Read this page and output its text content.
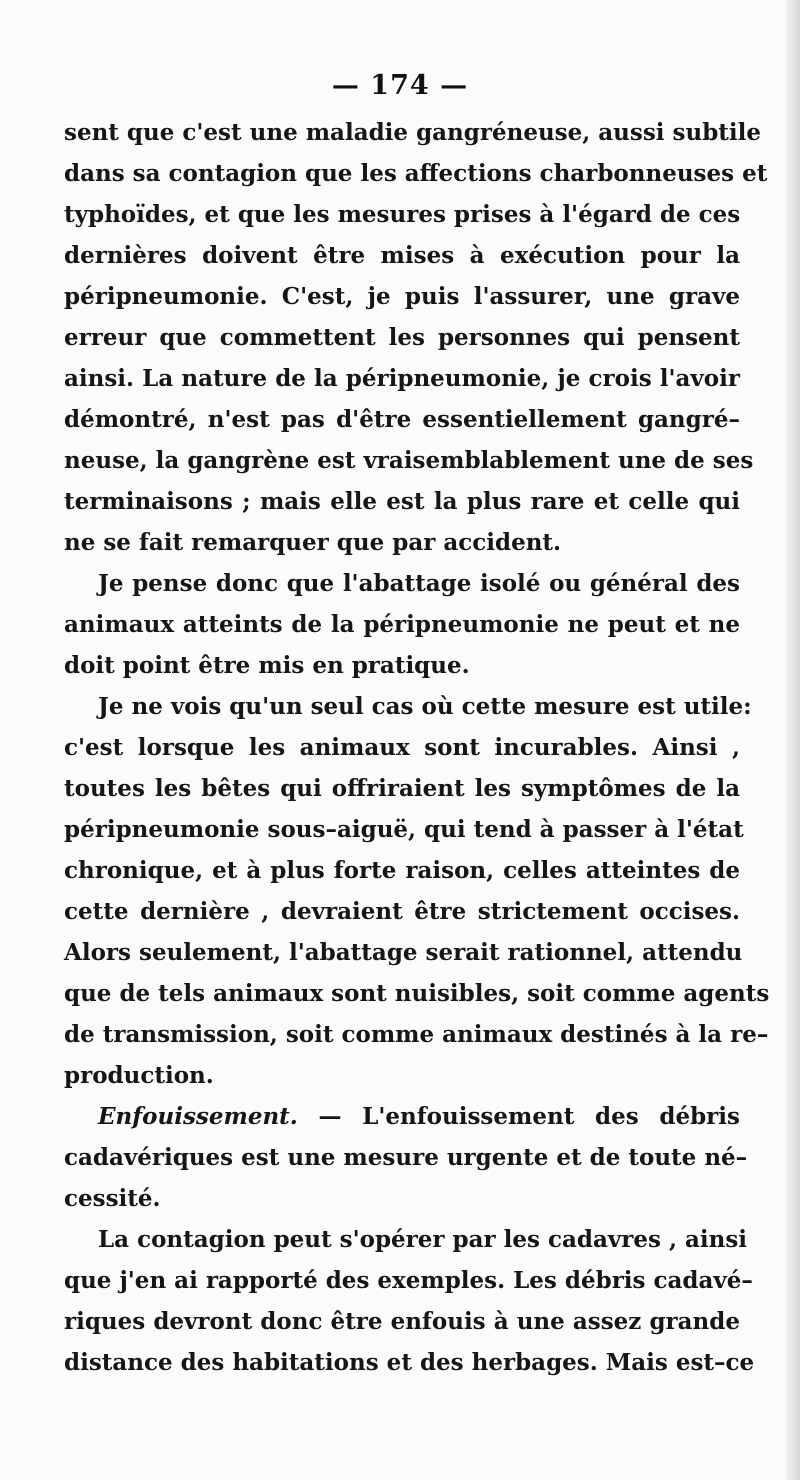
— 174 —
sent que c'est une maladie gangréneuse, aussi subtile
dans sa contagion que les affections charbonneuses et
typhoïdes, et que les mesures prises à l'égard de ces
dernières doivent être mises à exécution pour la
péripneumonie. C'est, je puis l'assurer, une grave
erreur que commettent les personnes qui pensent
ainsi. La nature de la péripneumonie, je crois l'avoir
démontré, n'est pas d'être essentiellement gangré–
neuse, la gangrène est vraisemblablement une de ses
terminaisons ; mais elle est la plus rare et celle qui
ne se fait remarquer que par accident.
Je pense donc que l'abattage isolé ou général des
animaux atteints de la péripneumonie ne peut et ne
doit point être mis en pratique.
Je ne vois qu'un seul cas où cette mesure est utile:
c'est lorsque les animaux sont incurables. Ainsi ,
toutes les bêtes qui offriraient les symptômes de la
péripneumonie sous–aiguë, qui tend à passer à l'état
chronique, et à plus forte raison, celles atteintes de
cette dernière , devraient être strictement occises.
Alors seulement, l'abattage serait rationnel, attendu
que de tels animaux sont nuisibles, soit comme agents
de transmission, soit comme animaux destinés à la re–
production.
Enfouissement. — L'enfouissement des débris
cadavériques est une mesure urgente et de toute né–
cessité.
La contagion peut s'opérer par les cadavres , ainsi
que j'en ai rapporté des exemples. Les débris cadavé–
riques devront donc être enfouis à une assez grande
distance des habitations et des herbages. Mais est–ce
